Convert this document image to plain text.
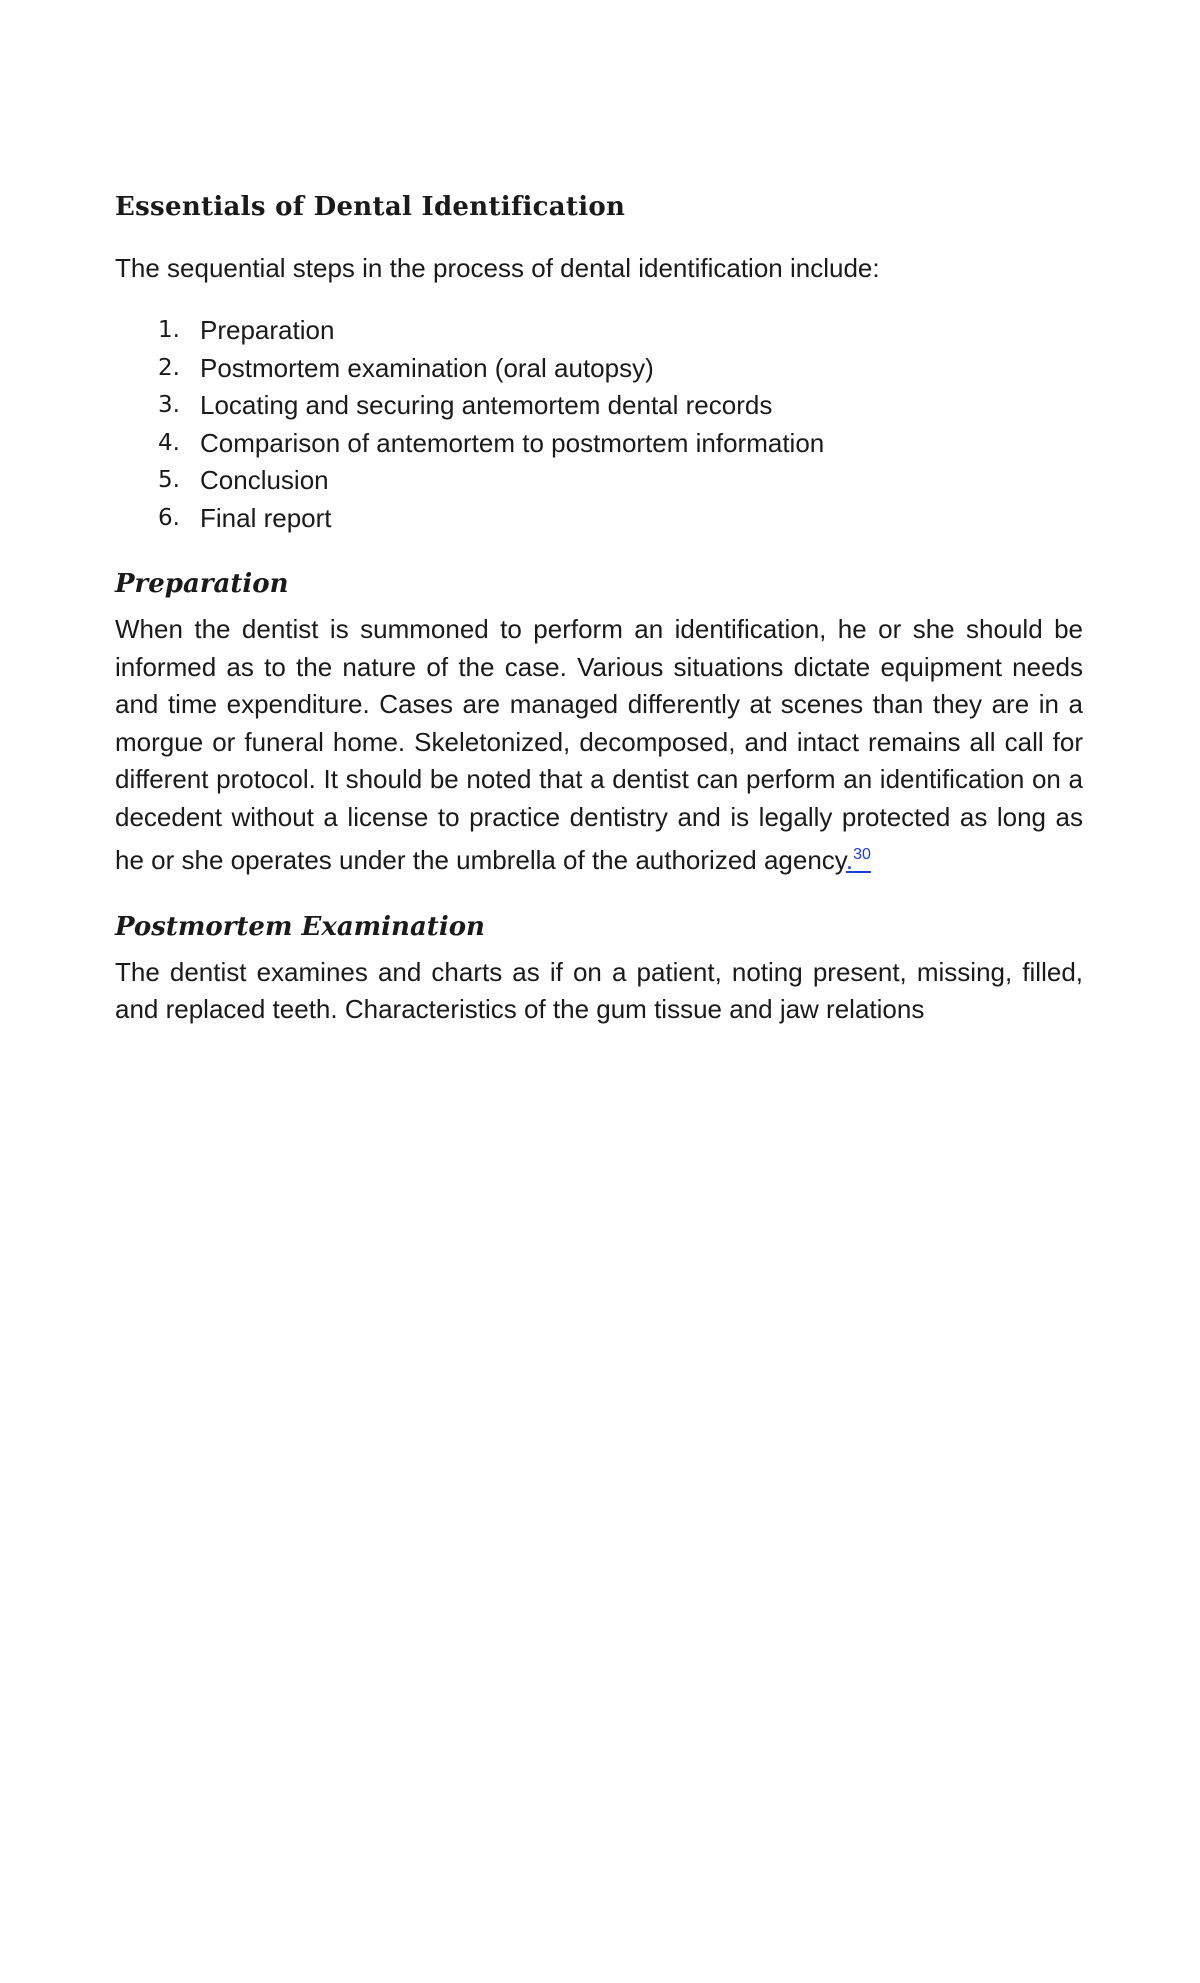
Essentials of Dental Identification

The sequential steps in the process of dental identification include:

1. Preparation
2. Postmortem examination (oral autopsy)
3. Locating and securing antemortem dental records
4. Comparison of antemortem to postmortem information
5. Conclusion
6. Final report
Preparation

When the dentist is summoned to perform an identification, he or she should be informed as to the nature of the case. Various situations dictate equipment needs and time expenditure. Cases are managed differently at scenes than they are in a morgue or funeral home. Skeletonized, decomposed, and intact remains all call for different protocol. It should be noted that a dentist can perform an identification on a decedent without a license to practice dentistry and is legally protected as long as he or she operates under the umbrella of the authorized agency.$^{30}$

Postmortem Examination

The dentist examines and charts as if on a patient, noting present, missing, filled, and replaced teeth. Characteristics of the gum tissue and jaw relations
